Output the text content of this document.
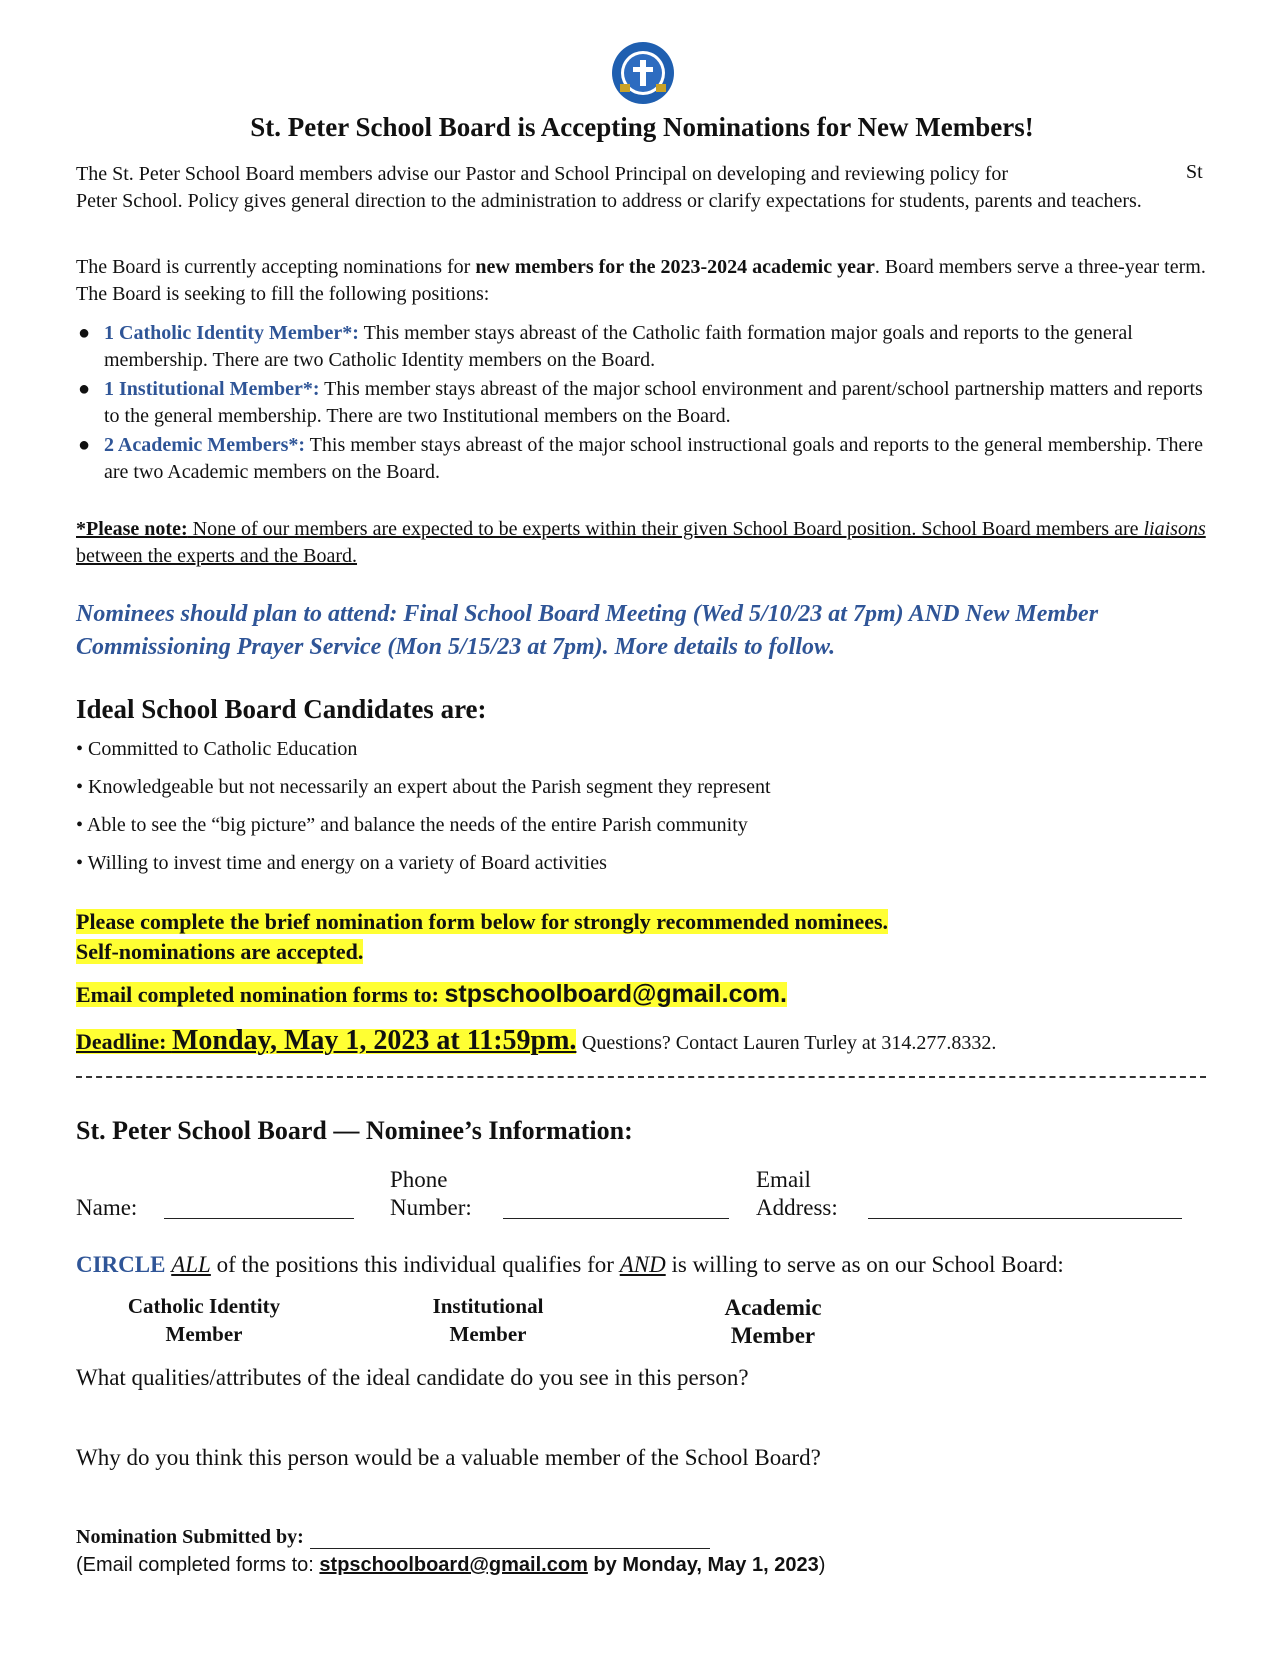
St. Peter School Board is Accepting Nominations for New Members!
The St. Peter School Board members advise our Pastor and School Principal on developing and reviewing policy for
Peter School. Policy gives general direction to the administration to address or clarify expectations for students, parents and teachers.
St
The Board is currently accepting nominations for new members for the 2023-2024 academic year. Board members serve a three-year term. The Board is seeking to fill the following positions:
● 1 Catholic Identity Member*: This member stays abreast of the Catholic faith formation major goals and reports to the general membership. There are two Catholic Identity members on the Board.
● 1 Institutional Member*: This member stays abreast of the major school environment and parent/school partnership matters and reports to the general membership. There are two Institutional members on the Board.
● 2 Academic Members*: This member stays abreast of the major school instructional goals and reports to the general membership. There are two Academic members on the Board.
*Please note: None of our members are expected to be experts within their given School Board position. School Board members are liaisons between the experts and the Board.
Nominees should plan to attend: Final School Board Meeting (Wed 5/10/23 at 7pm) AND New Member Commissioning Prayer Service (Mon 5/15/23 at 7pm). More details to follow.
Ideal School Board Candidates are:
• Committed to Catholic Education
• Knowledgeable but not necessarily an expert about the Parish segment they represent
• Able to see the “big picture” and balance the needs of the entire Parish community
• Willing to invest time and energy on a variety of Board activities
Please complete the brief nomination form below for strongly recommended nominees.
Self-nominations are accepted.
Email completed nomination forms to: stpschoolboard@gmail.com.
Deadline: Monday, May 1, 2023 at 11:59pm. Questions? Contact Lauren Turley at 314.277.8332.
St. Peter School Board — Nominee’s Information:
Name:
Phone
Number:
Email
Address:
CIRCLE ALL of the positions this individual qualifies for AND is willing to serve as on our School Board:
Catholic Identity
Member
Institutional
Member
Academic
Member
What qualities/attributes of the ideal candidate do you see in this person?
Why do you think this person would be a valuable member of the School Board?
Nomination Submitted by:
(Email completed forms to: stpschoolboard@gmail.com by Monday, May 1, 2023)
